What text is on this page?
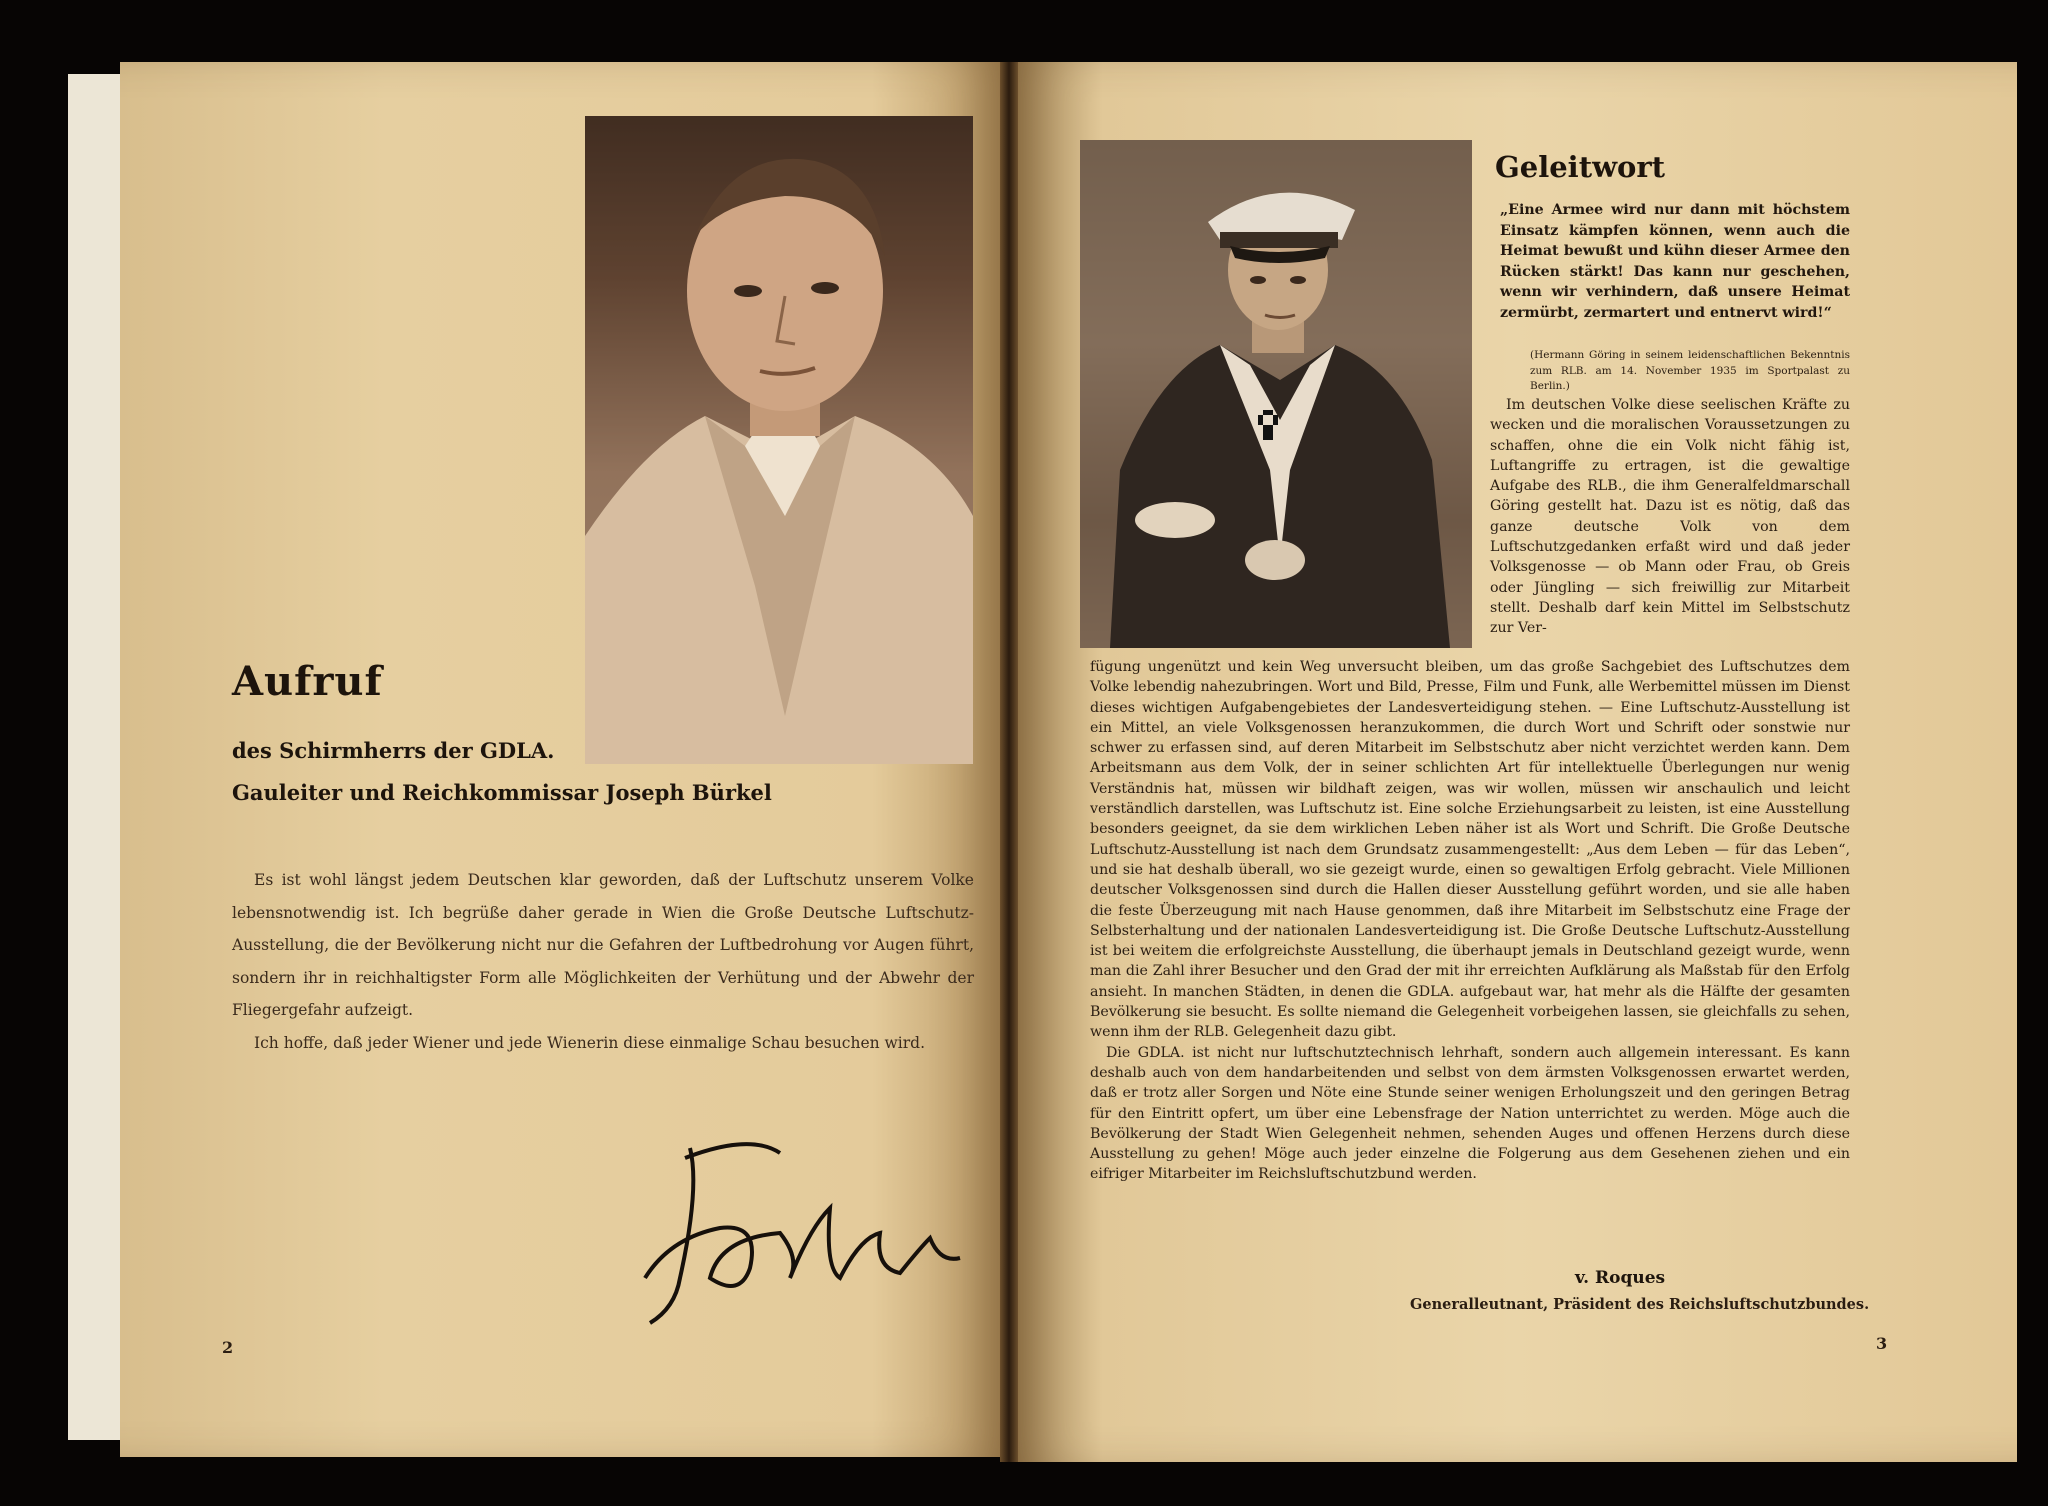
Aufruf
des Schirmherrs der GDLA.
Gauleiter und Reichkommissar Joseph Bürkel

Es ist wohl längst jedem Deutschen klar geworden, daß der Luftschutz unserem Volke lebensnotwendig ist. Ich begrüße daher gerade in Wien die Große Deutsche Luftschutz-Ausstellung, die der Bevölkerung nicht nur die Gefahren der Luftbedrohung vor Augen führt, sondern ihr in reichhaltigster Form alle Möglichkeiten der Verhütung und der Abwehr der Fliegergefahr aufzeigt.

Ich hoffe, daß jeder Wiener und jede Wienerin diese einmalige Schau besuchen wird.

2
Geleitwort
„Eine Armee wird nur dann mit höchstem Einsatz kämpfen können, wenn auch die Heimat bewußt und kühn dieser Armee den Rücken stärkt! Das kann nur geschehen, wenn wir verhindern, daß unsere Heimat zermürbt, zermartert und entnervt wird!“
(Hermann Göring in seinem leidenschaftlichen Bekenntnis zum RLB. am 14. November 1935 im Sportpalast zu Berlin.)

Im deutschen Volke diese seelischen Kräfte zu wecken und die moralischen Voraussetzungen zu schaffen, ohne die ein Volk nicht fähig ist, Luftangriffe zu ertragen, ist die gewaltige Aufgabe des RLB., die ihm Generalfeldmarschall Göring gestellt hat. Dazu ist es nötig, daß das ganze deutsche Volk von dem Luftschutzgedanken erfaßt wird und daß jeder Volksgenosse — ob Mann oder Frau, ob Greis oder Jüngling — sich freiwillig zur Mitarbeit stellt. Deshalb darf kein Mittel im Selbstschutz zur Ver-

fügung ungenützt und kein Weg unversucht bleiben, um das große Sachgebiet des Luftschutzes dem Volke lebendig nahezubringen. Wort und Bild, Presse, Film und Funk, alle Werbemittel müssen im Dienst dieses wichtigen Aufgabengebietes der Landesverteidigung stehen. — Eine Luftschutz-Ausstellung ist ein Mittel, an viele Volksgenossen heranzukommen, die durch Wort und Schrift oder sonstwie nur schwer zu erfassen sind, auf deren Mitarbeit im Selbstschutz aber nicht verzichtet werden kann. Dem Arbeitsmann aus dem Volk, der in seiner schlichten Art für intellektuelle Überlegungen nur wenig Verständnis hat, müssen wir bildhaft zeigen, was wir wollen, müssen wir anschaulich und leicht verständlich darstellen, was Luftschutz ist. Eine solche Erziehungsarbeit zu leisten, ist eine Ausstellung besonders geeignet, da sie dem wirklichen Leben näher ist als Wort und Schrift. Die Große Deutsche Luftschutz-Ausstellung ist nach dem Grundsatz zusammengestellt: „Aus dem Leben — für das Leben“, und sie hat deshalb überall, wo sie gezeigt wurde, einen so gewaltigen Erfolg gebracht. Viele Millionen deutscher Volksgenossen sind durch die Hallen dieser Ausstellung geführt worden, und sie alle haben die feste Überzeugung mit nach Hause genommen, daß ihre Mitarbeit im Selbstschutz eine Frage der Selbsterhaltung und der nationalen Landesverteidigung ist. Die Große Deutsche Luftschutz-Ausstellung ist bei weitem die erfolgreichste Ausstellung, die überhaupt jemals in Deutschland gezeigt wurde, wenn man die Zahl ihrer Besucher und den Grad der mit ihr erreichten Aufklärung als Maßstab für den Erfolg ansieht. In manchen Städten, in denen die GDLA. aufgebaut war, hat mehr als die Hälfte der gesamten Bevölkerung sie besucht. Es sollte niemand die Gelegenheit vorbeigehen lassen, sie gleichfalls zu sehen, wenn ihm der RLB. Gelegenheit dazu gibt.

Die GDLA. ist nicht nur luftschutztechnisch lehrhaft, sondern auch allgemein interessant. Es kann deshalb auch von dem handarbeitenden und selbst von dem ärmsten Volksgenossen erwartet werden, daß er trotz aller Sorgen und Nöte eine Stunde seiner wenigen Erholungszeit und den geringen Betrag für den Eintritt opfert, um über eine Lebensfrage der Nation unterrichtet zu werden. Möge auch die Bevölkerung der Stadt Wien Gelegenheit nehmen, sehenden Auges und offenen Herzens durch diese Ausstellung zu gehen! Möge auch jeder einzelne die Folgerung aus dem Gesehenen ziehen und ein eifriger Mitarbeiter im Reichsluftschutzbund werden.

v. Roques
Generalleutnant, Präsident des Reichsluftschutzbundes.
3
